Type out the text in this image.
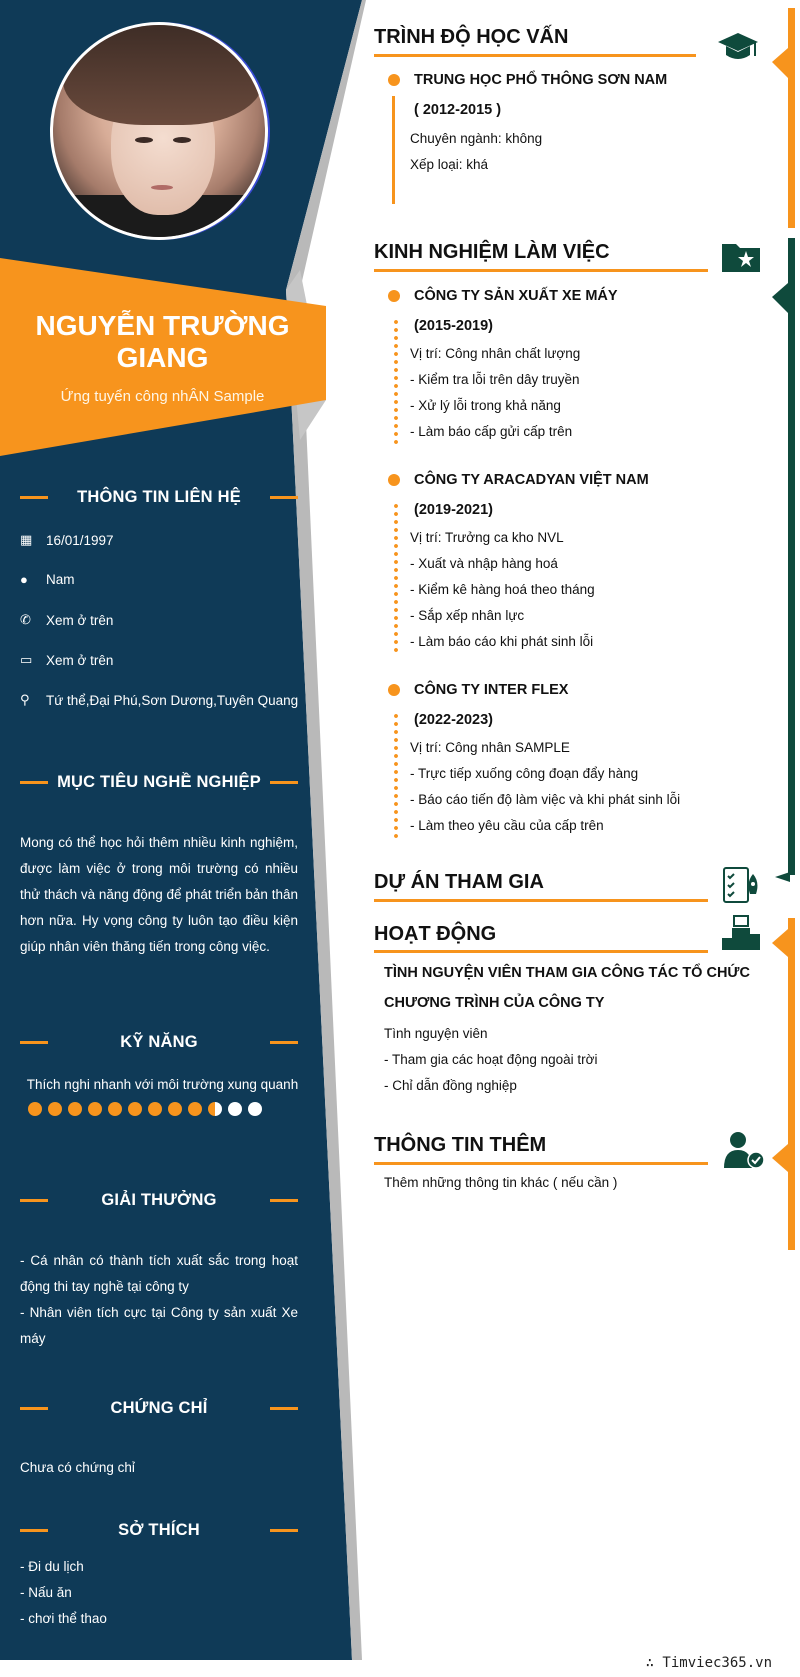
NGUYỄN TRƯỜNG GIANG
Ứng tuyển công nhÂN Sample
THÔNG TIN LIÊN HỆ
▦	16/01/1997
●	Nam
✆	Xem ở trên
▭	Xem ở trên
⚲	Tứ thể,Đại Phú,Sơn Dương,Tuyên Quang
MỤC TIÊU NGHỀ NGHIỆP
Mong có thể học hỏi thêm nhiều kinh nghiệm, được làm việc ở trong môi trường có nhiều thử thách và năng động để phát triển bản thân hơn nữa. Hy vọng công ty luôn tạo điều kiện giúp nhân viên thăng tiến trong công việc.
KỸ NĂNG
Thích nghi nhanh với môi trường xung quanh
GIẢI THƯỞNG
- Cá nhân có thành tích xuất sắc trong hoạt động thi tay nghề tại công ty
- Nhân viên tích cực tại Công ty sản xuất Xe máy
CHỨNG CHỈ
Chưa có chứng chỉ
SỞ THÍCH
- Đi du lịch
- Nấu ăn
- chơi thể thao
TRÌNH ĐỘ HỌC VẤN
TRUNG HỌC PHỔ THÔNG SƠN NAM
( 2012-2015 )
Chuyên ngành: không
Xếp loại: khá
KINH NGHIỆM LÀM VIỆC
CÔNG TY SẢN XUẤT XE MÁY
(2015-2019)
Vị trí: Công nhân chất lượng
- Kiểm tra lỗi trên dây truyền
- Xử lý lỗi trong khả năng
- Làm báo cấp gửi cấp trên
CÔNG TY ARACADYAN VIỆT NAM
(2019-2021)
Vị trí: Trưởng ca kho NVL
- Xuất và nhập hàng hoá
- Kiểm kê hàng hoá theo tháng
- Sắp xếp nhân lực
- Làm báo cáo khi phát sinh lỗi
CÔNG TY INTER FLEX
(2022-2023)
Vị trí: Công nhân SAMPLE
- Trực tiếp xuống công đoạn đẩy hàng
- Báo cáo tiến độ làm việc và khi phát sinh lỗi
- Làm theo yêu cầu của cấp trên
DỰ ÁN THAM GIA
HOẠT ĐỘNG
TÌNH NGUYỆN VIÊN THAM GIA CÔNG TÁC TỔ CHỨC CHƯƠNG TRÌNH CỦA CÔNG TY
Tình nguyện viên
- Tham gia các hoạt động ngoài trời
- Chỉ dẫn đồng nghiệp
THÔNG TIN THÊM
Thêm những thông tin khác ( nếu cần )
∴ Timviec365.vn
